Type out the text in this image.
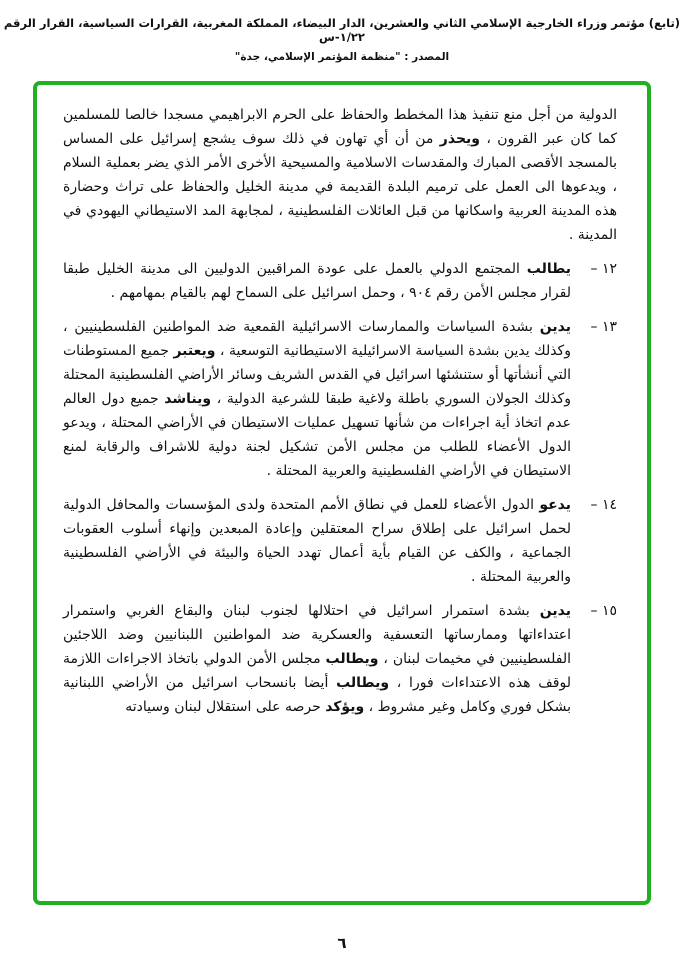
(تابع) مؤتمر وزراء الخارجية الإسلامي الثاني والعشرين، الدار البيضاء، المملكة المغربية، القرارات السياسية، القرار الرقم ١/٢٢-س
المصدر : "منظمة المؤتمر الإسلامي، جدة"

الدولية من أجل منع تنفيذ هذا المخطط والحفاظ على الحرم الابراهيمي مسجدا خالصا للمسلمين كما كان عبر القرون ، ويحذر من أن أي تهاون في ذلك سوف يشجع إسرائيل على المساس بالمسجد الأقصى المبارك والمقدسات الاسلامية والمسيحية الأخرى الأمر الذي يضر بعملية السلام ، ويدعوها الى العمل على ترميم البلدة القديمة في مدينة الخليل والحفاظ على تراث وحضارة هذه المدينة العربية واسكانها من قبل العائلات الفلسطينية ، لمجابهة المد الاستيطاني اليهودي في المدينة .

١٢ –

يطالب المجتمع الدولي بالعمل على عودة المراقبين الدوليين الى مدينة الخليل طبقا لقرار مجلس الأمن رقم ٩٠٤ ، وحمل اسرائيل على السماح لهم بالقيام بمهامهم .

١٣ –

يدين بشدة السياسات والممارسات الاسرائيلية القمعية ضد المواطنين الفلسطينيين ، وكذلك يدين بشدة السياسة الاسرائيلية الاستيطانية التوسعية ، ويعتبر جميع المستوطنات التي أنشأتها أو ستنشئها اسرائيل في القدس الشريف وسائر الأراضي الفلسطينية المحتلة وكذلك الجولان السوري باطلة ولاغية طبقا للشرعية الدولية ، ويناشد جميع دول العالم عدم اتخاذ أية اجراءات من شأنها تسهيل عمليات الاستيطان في الأراضي المحتلة ، ويدعو الدول الأعضاء للطلب من مجلس الأمن تشكيل لجنة دولية للاشراف والرقابة لمنع الاستيطان في الأراضي الفلسطينية والعربية المحتلة .

١٤ –

يدعو الدول الأعضاء للعمل في نطاق الأمم المتحدة ولدى المؤسسات والمحافل الدولية لحمل اسرائيل على إطلاق سراح المعتقلين وإعادة المبعدين وإنهاء أسلوب العقوبات الجماعية ، والكف عن القيام بأية أعمال تهدد الحياة والبيئة في الأراضي الفلسطينية والعربية المحتلة .

١٥ –

يدين بشدة استمرار اسرائيل في احتلالها لجنوب لبنان والبقاع الغربي واستمرار اعتداءاتها وممارساتها التعسفية والعسكرية ضد المواطنين اللبنانيين وضد اللاجئين الفلسطينيين في مخيمات لبنان ، ويطالب مجلس الأمن الدولي باتخاذ الاجراءات اللازمة لوقف هذه الاعتداءات فورا ، ويطالب أيضا بانسحاب اسرائيل من الأراضي اللبنانية بشكل فوري وكامل وغير مشروط ، ويؤكد حرصه على استقلال لبنان وسيادته

٦
